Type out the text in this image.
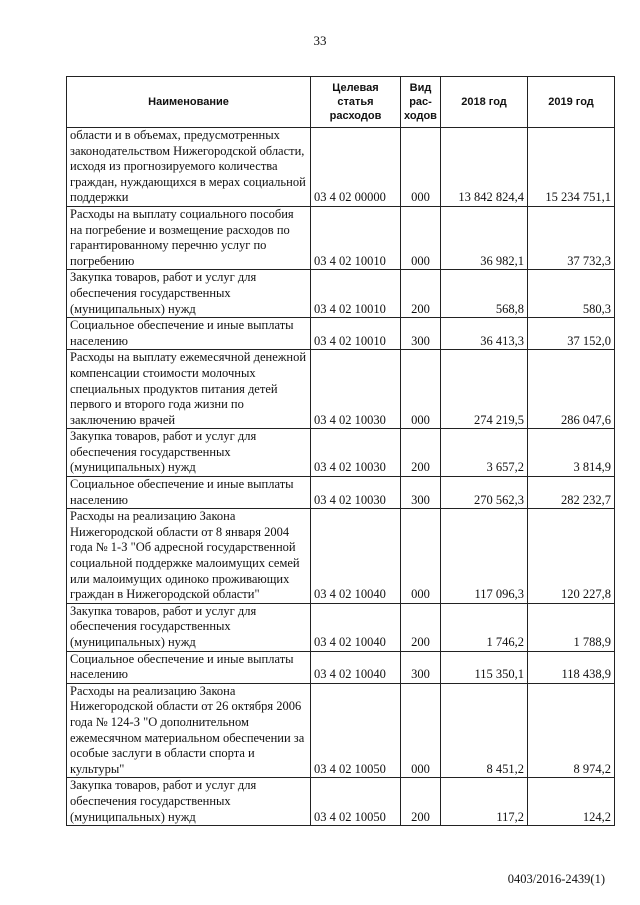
33
Наименование	Целевая статья расходов	Вид рас-ходов	2018 год	2019 год
области и в объемах, предусмотренных законодательством Нижегородской области, исходя из прогнозируемого количества граждан, нуждающихся в мерах социальной поддержки	03 4 02 00000	000	13 842 824,4	15 234 751,1
Расходы на выплату социального пособия на погребение и возмещение расходов по гарантированному перечню услуг по погребению	03 4 02 10010	000	36 982,1	37 732,3
Закупка товаров, работ и услуг для обеспечения государственных (муниципальных) нужд	03 4 02 10010	200	568,8	580,3
Социальное обеспечение и иные выплаты населению	03 4 02 10010	300	36 413,3	37 152,0
Расходы на выплату ежемесячной денежной компенсации стоимости молочных специальных продуктов питания детей первого и второго года жизни по заключению врачей	03 4 02 10030	000	274 219,5	286 047,6
Закупка товаров, работ и услуг для обеспечения государственных (муниципальных) нужд	03 4 02 10030	200	3 657,2	3 814,9
Социальное обеспечение и иные выплаты населению	03 4 02 10030	300	270 562,3	282 232,7
Расходы на реализацию Закона Нижегородской области от 8 января 2004 года № 1-З "Об адресной государственной социальной поддержке малоимущих семей или малоимущих одиноко проживающих граждан в Нижегородской области"	03 4 02 10040	000	117 096,3	120 227,8
Закупка товаров, работ и услуг для обеспечения государственных (муниципальных) нужд	03 4 02 10040	200	1 746,2	1 788,9
Социальное обеспечение и иные выплаты населению	03 4 02 10040	300	115 350,1	118 438,9
Расходы на реализацию Закона Нижегородской области от 26 октября 2006 года № 124-З "О дополнительном ежемесячном материальном обеспечении за особые заслуги в области спорта и культуры"	03 4 02 10050	000	8 451,2	8 974,2
Закупка товаров, работ и услуг для обеспечения государственных (муниципальных) нужд	03 4 02 10050	200	117,2	124,2
0403/2016-2439(1)
